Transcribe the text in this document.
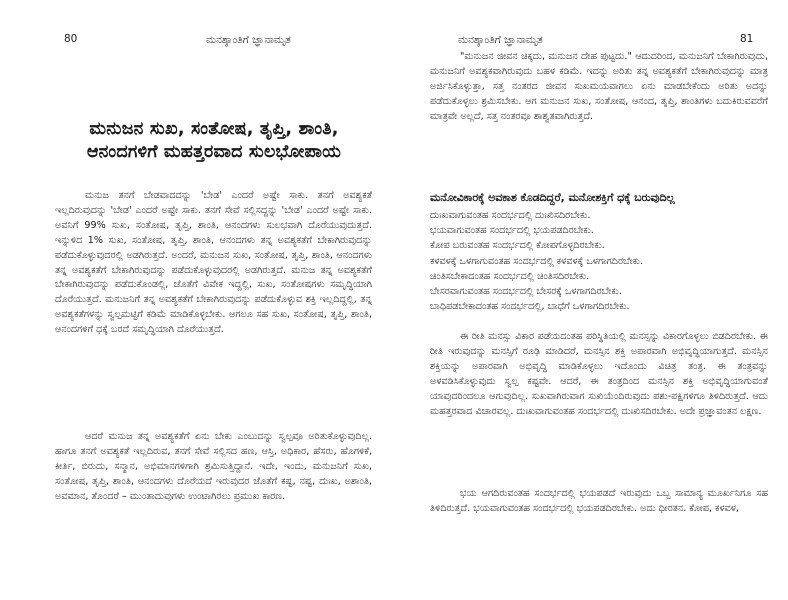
80	ಮನಶ್ಶಾಂತಿಗೆ ಜ್ಞಾನಾಮೃತ
ಮನುಜನ ಸುಖ, ಸಂತೋಷ, ತೃಪ್ತಿ, ಶಾಂತಿ,
ಆನಂದಗಳಿಗೆ ಮಹತ್ತರವಾದ ಸುಲಭೋಪಾಯ

ಮನುಜ ತನಗೆ ಬೇಡವಾದದನ್ನು 'ಬೇಡ' ಎಂದರೆ ಅಷ್ಟೇ ಸಾಕು. ತನಗೆ ಅವಶ್ಯಕತೆ ಇಲ್ಲದಿರುವುದನ್ನು 'ಬೇಡ' ಎಂದರೆ ಅಷ್ಟೇ ಸಾಕು. ತನಗೆ ಸೇವೆ ಸಲ್ಲಿಸದ್ದನ್ನು 'ಬೇಡ' ಎಂದರೆ ಅಷ್ಟೇ ಸಾಕು. ಅವನಿಗೆ 99% ಸುಖ, ಸಂತೋಷ, ತೃಪ್ತಿ, ಶಾಂತಿ, ಆನಂದಗಳು ಸುಲಭವಾಗಿ ದೊರೆಯುವುದುತ್ತದೆ. ಇನ್ನುಳಿದ 1% ಸುಖ, ಸಂತೋಷ, ತೃಪ್ತಿ, ಶಾಂತಿ, ಆನಂದಗಳು ತನ್ನ ಅವಶ್ಯಕತೆಗೆ ಬೇಕಾಗಿರುವುದನ್ನು ಪಡೆದುಕೊಳ್ಳುವುದರಲ್ಲಿ ಅಡಗಿರುತ್ತದೆ. ಅಂದರೆ, ಮನುಜನ ಸುಖ, ಸಂತೋಷ, ತೃಪ್ತಿ, ಶಾಂತಿ, ಆನಂದಗಳು ತನ್ನ ಅವಶ್ಯಕತೆಗೆ ಬೇಕಾಗಿರುವುದನ್ನು ಪಡೆದುಕೊಳ್ಳುವುದರಲ್ಲಿ ಅಡಗಿರುತ್ತದೆ. ಮನುಜ ತನ್ನ ಅವಶ್ಯಕತೆಗೆ ಬೇಕಾಗಿರುವುದನ್ನು ಪಡೆದುಕೊಂಡಲ್ಲಿ, ಜೊತೆಗೆ ವಿವೇಕ ಇದ್ದಲ್ಲಿ, ಸುಖ, ಸಂತೋಷಗಳು ಸಮೃದ್ಧಿಯಾಗಿ ದೊರೆಯುತ್ತದೆ. ಮನುಜನಿಗೆ ತನ್ನ ಅವಶ್ಯಕತೆಗೆ ಬೇಕಾಗಿರುವುದನ್ನು ಪಡೆದುಕೊಳ್ಳುವ ಶಕ್ತಿ ಇಲ್ಲದಿದ್ದಲ್ಲಿ, ತನ್ನ ಅವಶ್ಯಕತೆಗಳನ್ನು ಸ್ವಲ್ಪಮಟ್ಟಿಗೆ ಕಡಿಮೆ ಮಾಡಿಕೊಳ್ಳಬೇಕು. ಆಗಲೂ ಸಹ ಸುಖ, ಸಂತೋಷ, ತೃಪ್ತಿ, ಶಾಂತಿ, ಆನಂದಗಳಿಗೆ ಧಕ್ಕೆ ಬರದೆ ಸಮೃದ್ಧಿಯಾಗಿ ದೊರೆಯುತ್ತದೆ.

ಆದರೆ ಮನುಜ ತನ್ನ ಅವಶ್ಯಕತೆಗೆ ಏನು ಬೇಕು ಎಂಬುದನ್ನು ಸ್ವಲ್ಪವೂ ಅರಿತುಕೊಳ್ಳುವುದಿಲ್ಲ. ಹಾಗೂ ತನಗೆ ಅವಶ್ಯಕತೆ ಇಲ್ಲದಿರುವ, ತನಗೆ ಸೇವೆ ಸಲ್ಲಿಸದ ಹಣ, ಆಸ್ತಿ, ಅಧಿಕಾರ, ಹೆಸರು, ಹೊಗಳಿಕೆ, ಕೀರ್ತಿ, ಬಿರುದು, ಸನ್ಮಾನ, ಅಭಿಮಾನಗಳಿಗಾಗಿ ಶ್ರಮಿಸುತ್ತಿದ್ದಾನೆ. ಇದೇ, ಇಂದು, ಮನುಜನಿಗೆ ಸುಖ, ಸಂತೋಷ, ತೃಪ್ತಿ, ಶಾಂತಿ, ಆನಂದಗಳು ದೊರೆಯದೆ ಇರುವುದರ ಜೊತೆಗೆ ಕಷ್ಟ, ನಷ್ಟ, ದುಃಖ, ಅಶಾಂತಿ, ಅವಮಾನ, ತೊಂದರೆ – ಮುಂತಾದುವುಗಳು ಉಂಟಾಗಿರಲು ಪ್ರಮುಖ ಕಾರಣ.

ಮನಶ್ಶಾಂತಿಗೆ ಜ್ಞಾನಾಮೃತ	81

"ಮನುಜನ ಜೀವನ ಚಿಕ್ಕದು, ಮನುಜನ ದೇಹ ಪುಟ್ಟದು." ಆದುದರಿಂದ, ಮನುಜನಿಗೆ ಬೇಕಾಗಿರುವುದು, ಮನುಜನಿಗೆ ಅವಶ್ಯಕವಾಗಿರುವುದು ಬಹಳ ಕಡಿಮೆ. ಇದನ್ನು ಅರಿತು ತನ್ನ ಅವಶ್ಯಕತೆಗೆ ಬೇಕಾಗಿರುವುದನ್ನು ಮಾತ್ರ ಅರ್ಜಿಸಿಕೊಳ್ಳುತ್ತಾ, ಸತ್ತ ನಂತರದ ಜೀವನ ಸುಖಮಯವಾಗಲು ಏನು ಮಾಡಬೇಕೆಂದು ಅರಿತು ಅದನ್ನು ಪಡೆದುಕೊಳ್ಳಲು ಶ್ರಮಿಸಬೇಕು. ಆಗ ಮನುಜನ ಸುಖ, ಸಂತೋಷ, ಆನಂದ, ತೃಪ್ತಿ, ಶಾಂತಿಗಳು ಬದುಕಿರುವವರೆಗೆ ಮಾತ್ರವೇ ಅಲ್ಲದೆ, ಸತ್ತ ನಂತರವೂ ಶಾಶ್ವತವಾಗಿರುತ್ತದೆ.

ಮನೋವಿಕಾರಕ್ಕೆ ಅವಕಾಶ ಕೊಡದಿದ್ದರೆ, ಮನೋಶಕ್ತಿಗೆ ಧಕ್ಕೆ ಬರುವುದಿಲ್ಲ
ದುಃಖವಾಗುವಂತಹ ಸಂದರ್ಭದಲ್ಲಿ ದುಃಖಿಸದಿರಬೇಕು.
ಭಯವಾಗುವಂತಹ ಸಂದರ್ಭದಲ್ಲಿ ಭಯಪಡದಿರಬೇಕು.
ಕೋಪ ಬರುವಂತಹ ಸಂದರ್ಭದಲ್ಲಿ ಕೋಪಗೊಳ್ಳದಿರಬೇಕು.
ಕಳವಳಕ್ಕೆ ಒಳಗಾಗುವಂತಹ ಸಂದರ್ಭದಲ್ಲಿ ಕಳವಳಕ್ಕೆ ಒಳಗಾಗದಿರಬೇಕು.
ಚಿಂತಿಸಬೇಕಾದಂತಹ ಸಂದರ್ಭದಲ್ಲಿ ಚಿಂತಿಸದಿರಬೇಕು.
ಬೇಸರವಾಗುವಂತಹ ಸಂದರ್ಭದಲ್ಲಿ ಬೇಸರಕ್ಕೆ ಒಳಗಾಗದಿರಬೇಕು.
ಬಾಧಿಪಡಬೇಕಾದಂತಹ ಸಂದರ್ಭದಲ್ಲಿ, ಬಾಧೆಗೆ ಒಳಗಾಗದಿರಬೇಕು.

ಈ ರೀತಿ ಮನಸ್ಸು ವಿಕಾರ ಪಡೆಯದಂತಹ ಪರಿಸ್ಥಿತಿಯಲ್ಲಿ ಮನಸ್ಸನ್ನು ವಿಕಾರಗೊಳ್ಳಲು ಬಿಡದಿರಬೇಕು. ಈ ರೀತಿ ಇರುವುದನ್ನು ಮನಸ್ಸಿಗೆ ರೂಢಿ ಮಾಡಿದರೆ, ಮನಸ್ಸಿನ ಶಕ್ತಿ ಅಪಾರವಾಗಿ ಅಭಿವೃದ್ಧಿಯಾಗುತ್ತದೆ. ಮನಸ್ಸಿನ ಶಕ್ತಿಯನ್ನು ಅಪಾರವಾಗಿ ಅಭಿವೃದ್ಧಿ ಮಾಡಿಕೊಳ್ಳಲು ಇದೊಂದು ವಿಚಿತ್ರ ತಂತ್ರ. ಈ ತಂತ್ರವನ್ನು ಅಳವಡಿಸಿಕೊಳ್ಳುವುದು ಸ್ವಲ್ಪ ಕಷ್ಟವೇ. ಆದರೆ, ಈ ತಂತ್ರದಿಂದ ಮನಸ್ಸಿನ ಶಕ್ತಿ ಅಭಿವೃದ್ಧಿಯಾಗುವಂತೆ ಯಾವುದರಿಂದಲೂ ಆಗುವುದಿಲ್ಲ. ಸುಖವಾಗಿರುವಾಗ ಸುಖಿಯೆಂದಿರುವುದು ಪಶು-ಪಕ್ಷಿಗಳಿಗೂ ತಿಳಿದಿರುತ್ತದೆ. ಆದು ಮಹತ್ತರವಾದ ವಿಚಾರವಲ್ಲ. ದುಃಖವಾಗುವಂತಹ ಸಂದರ್ಭದಲ್ಲಿ ದುಃಖಿಸದಿರಬೇಕು. ಅದೇ ಪ್ರಜ್ಞಾವಂತನ ಲಕ್ಷಣ.

ಭಯ ಆಗದಿರುವಂತಹ ಸಂದರ್ಭದಲ್ಲಿ ಭಯಪಡದೆ ಇರುವುದು ಒಬ್ಬ ಸಾಮಾನ್ಯ ಮೂರ್ಖನಿಗೂ ಸಹ ತಿಳಿದಿರುತ್ತದೆ. ಭಯವಾಗುವಂತಹ ಸಂದರ್ಭದಲ್ಲಿ ಭಯಪಡದಿರಬೇಕು. ಅದು ಧೀರತನ. ಕೋಪ, ಕಳವಳ,
